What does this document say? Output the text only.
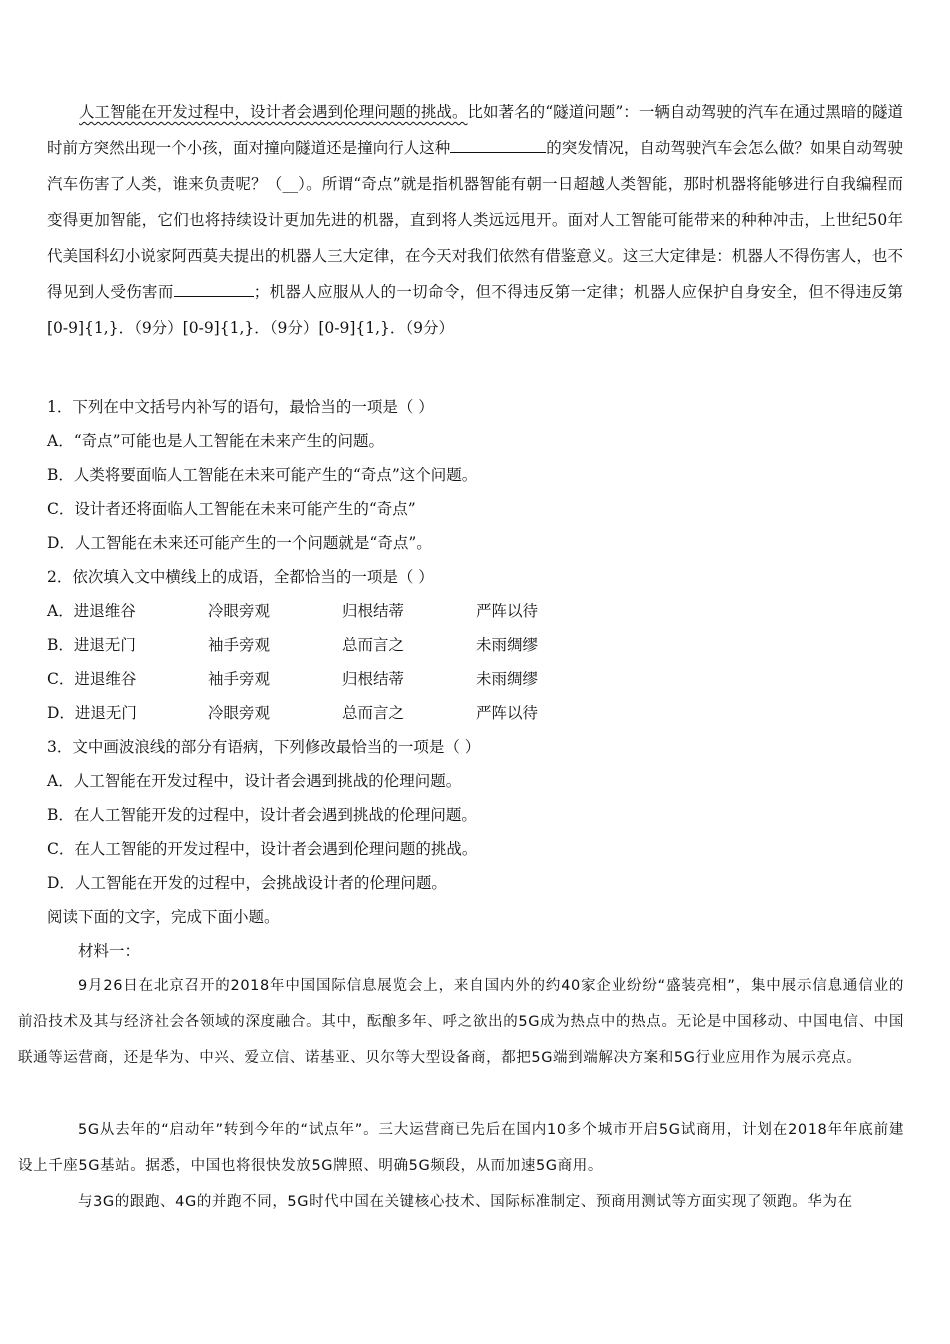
人工智能在开发过程中，设计者会遇到伦理问题的挑战。比如著名的“隧道问题”：一辆自动驾驶的汽车在通过黑暗的隧道时前方突然出现一个小孩，面对撞向隧道还是撞向行人这种	的突发情况，自动驾驶汽车会怎么做？如果自动驾驶汽车伤害了人类，谁来负责呢？（__）。所谓“奇点”就是指机器智能有朝一日超越人类智能，那时机器将能够进行自我编程而变得更加智能，它们也将持续设计更加先进的机器，直到将人类远远甩开。面对人工智能可能带来的种种冲击，上世纪50年代美国科幻小说家阿西莫夫提出的机器人三大定律，在今天对我们依然有借鉴意义。这三大定律是：机器人不得伤害人，也不得见到人受伤害而	；机器人应服从人的一切命令，但不得违反第一定律；机器人应保护自身安全，但不得违反第[0-9]{1,}．（9分）[0-9]{1,}．（9分）[0-9]{1,}．（9分）

1．下列在中文括号内补写的语句，最恰当的一项是（ ）
A．“奇点”可能也是人工智能在未来产生的问题。
B．人类将要面临人工智能在未来可能产生的“奇点”这个问题。
C．设计者还将面临人工智能在未来可能产生的“奇点”
D．人工智能在未来还可能产生的一个问题就是“奇点”。
2．依次填入文中横线上的成语，全都恰当的一项是（ ）
A．进退维谷	冷眼旁观	归根结蒂	严阵以待
B．进退无门	袖手旁观	总而言之	未雨绸缪
C．进退维谷	袖手旁观	归根结蒂	未雨绸缪
D．进退无门	冷眼旁观	总而言之	严阵以待
3．文中画波浪线的部分有语病，下列修改最恰当的一项是（ ）
A．人工智能在开发过程中，设计者会遇到挑战的伦理问题。
B．在人工智能开发的过程中，设计者会遇到挑战的伦理问题。
C．在人工智能的开发过程中，设计者会遇到伦理问题的挑战。
D．人工智能在开发的过程中，会挑战设计者的伦理问题。
阅读下面的文字，完成下面小题。
材料一：

9月26日在北京召开的2018年中国国际信息展览会上，来自国内外的约40家企业纷纷“盛装亮相”，集中展示信息通信业的前沿技术及其与经济社会各领域的深度融合。其中，酝酿多年、呼之欲出的5G成为热点中的热点。无论是中国移动、中国电信、中国联通等运营商，还是华为、中兴、爱立信、诺基亚、贝尔等大型设备商，都把5G端到端解决方案和5G行业应用作为展示亮点。

5G从去年的“启动年”转到今年的“试点年”。三大运营商已先后在国内10多个城市开启5G试商用，计划在2018年年底前建设上千座5G基站。据悉，中国也将很快发放5G牌照、明确5G频段，从而加速5G商用。

与3G的跟跑、4G的并跑不同，5G时代中国在关键核心技术、国际标准制定、预商用测试等方面实现了领跑。华为在
